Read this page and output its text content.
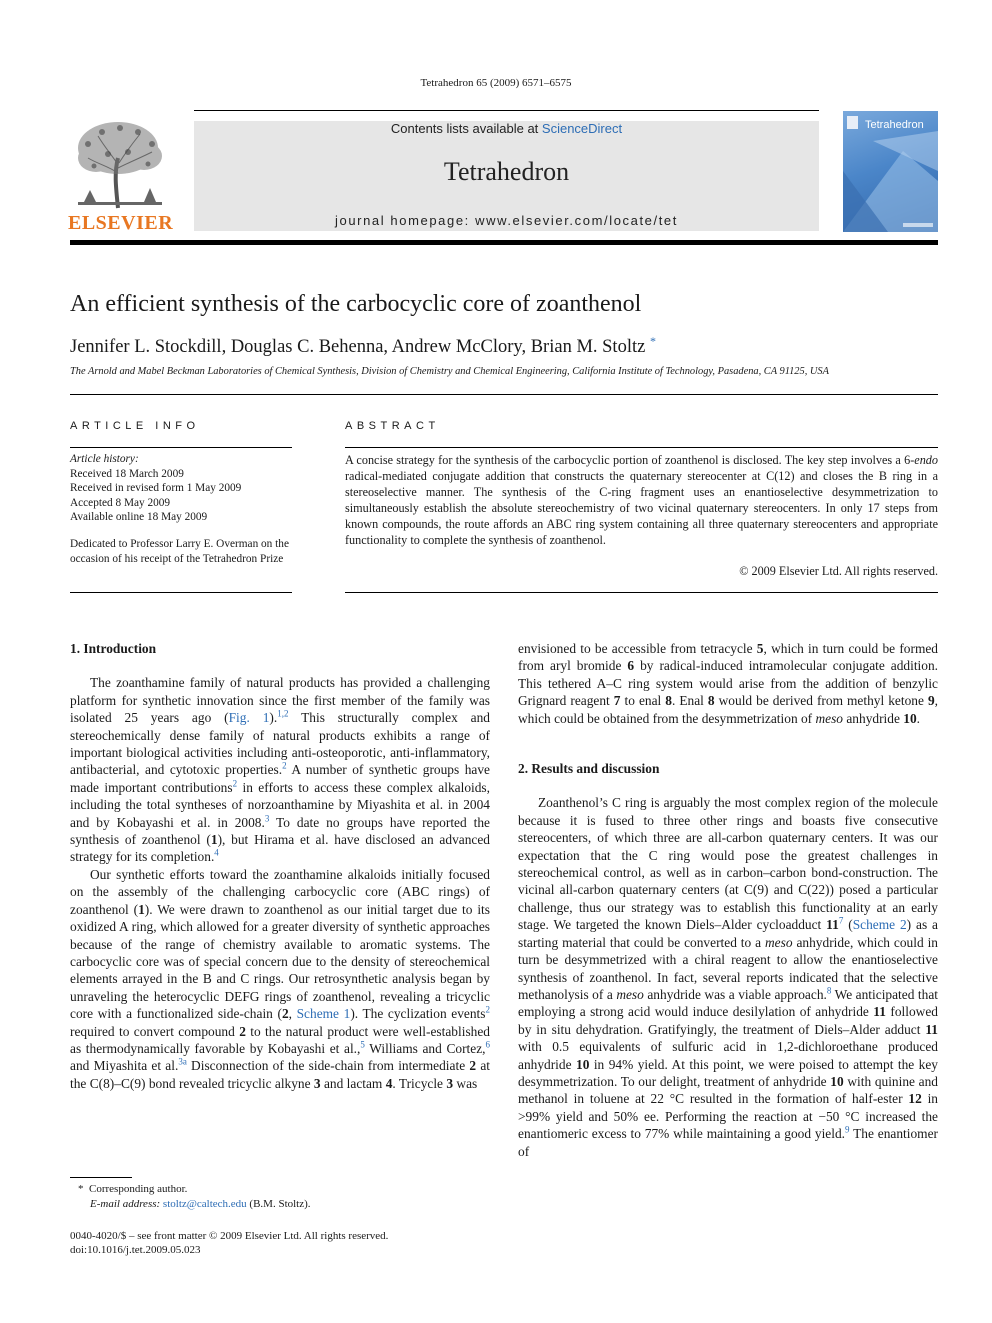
Tetrahedron 65 (2009) 6571–6575
ELSEVIER
Contents lists available at ScienceDirect
Tetrahedron
journal homepage: www.elsevier.com/locate/tet
Tetrahedron
An efficient synthesis of the carbocyclic core of zoanthenol
Jennifer L. Stockdill, Douglas C. Behenna, Andrew McClory, Brian M. Stoltz *
The Arnold and Mabel Beckman Laboratories of Chemical Synthesis, Division of Chemistry and Chemical Engineering, California Institute of Technology, Pasadena, CA 91125, USA
ARTICLE INFO
Article history:
Received 18 March 2009
Received in revised form 1 May 2009
Accepted 8 May 2009
Available online 18 May 2009
Dedicated to Professor Larry E. Overman on the occasion of his receipt of the Tetrahedron Prize
ABSTRACT
A concise strategy for the synthesis of the carbocyclic portion of zoanthenol is disclosed. The key step involves a 6-endo radical-mediated conjugate addition that constructs the quaternary stereocenter at C(12) and closes the B ring in a stereoselective manner. The synthesis of the C-ring fragment uses an enantioselective desymmetrization to simultaneously establish the absolute stereochemistry of two vicinal quaternary stereocenters. In only 17 steps from known compounds, the route affords an ABC ring system containing all three quaternary stereocenters and appropriate functionality to complete the synthesis of zoanthenol.
© 2009 Elsevier Ltd. All rights reserved.
1. Introduction

The zoanthamine family of natural products has provided a challenging platform for synthetic innovation since the first member of the family was isolated 25 years ago (Fig. 1).$^{1,2}$ This structurally complex and stereochemically dense family of natural products exhibits a range of important biological activities including anti-osteoporotic, anti-inflammatory, antibacterial, and cytotoxic properties.$^2$ A number of synthetic groups have made important contributions$^2$ in efforts to access these complex alkaloids, including the total syntheses of norzoanthamine by Miyashita et al. in 2004 and by Kobayashi et al. in 2008.$^3$ To date no groups have reported the synthesis of zoanthenol (1), but Hirama et al. have disclosed an advanced strategy for its completion.$^4$

Our synthetic efforts toward the zoanthamine alkaloids initially focused on the assembly of the challenging carbocyclic core (ABC rings) of zoanthenol (1). We were drawn to zoanthenol as our initial target due to its oxidized A ring, which allowed for a greater diversity of synthetic approaches because of the range of chemistry available to aromatic systems. The carbocyclic core was of special concern due to the density of stereochemical elements arrayed in the B and C rings. Our retrosynthetic analysis began by unraveling the heterocyclic DEFG rings of zoanthenol, revealing a tricyclic core with a functionalized side-chain (2, Scheme 1). The cyclization events$^2$ required to convert compound 2 to the natural product were well-established as thermodynamically favorable by Kobayashi et al.,$^5$ Williams and Cortez,$^6$ and Miyashita et al.$^{3a}$ Disconnection of the side-chain from intermediate 2 at the C(8)–C(9) bond revealed tricyclic alkyne 3 and lactam 4. Tricycle 3 was

envisioned to be accessible from tetracycle 5, which in turn could be formed from aryl bromide 6 by radical-induced intramolecular conjugate addition. This tethered A–C ring system would arise from the addition of benzylic Grignard reagent 7 to enal 8. Enal 8 would be derived from methyl ketone 9, which could be obtained from the desymmetrization of meso anhydride 10.

2. Results and discussion

Zoanthenol’s C ring is arguably the most complex region of the molecule because it is fused to three other rings and boasts five consecutive stereocenters, of which three are all-carbon quaternary centers. It was our expectation that the C ring would pose the greatest challenges in stereochemical control, as well as in carbon–carbon bond-construction. The vicinal all-carbon quaternary centers (at C(9) and C(22)) posed a particular challenge, thus our strategy was to establish this functionality at an early stage. We targeted the known Diels–Alder cycloadduct $11^7$ (Scheme 2) as a starting material that could be converted to a meso anhydride, which could in turn be desymmetrized with a chiral reagent to allow the enantioselective synthesis of zoanthenol. In fact, several reports indicated that the selective methanolysis of a meso anhydride was a viable approach.$^8$ We anticipated that employing a strong acid would induce desilylation of anhydride 11 followed by in situ dehydration. Gratifyingly, the treatment of Diels–Alder adduct 11 with 0.5 equivalents of sulfuric acid in 1,2-dichloroethane produced anhydride 10 in 94% yield. At this point, we were poised to attempt the key desymmetrization. To our delight, treatment of anhydride 10 with quinine and methanol in toluene at 22 °C resulted in the formation of half-ester 12 in >99% yield and 50% ee. Performing the reaction at −50 °C increased the enantiomeric excess to 77% while maintaining a good yield.$^9$ The enantiomer of

* Corresponding author.
E-mail address: stoltz@caltech.edu (B.M. Stoltz).
0040-4020/$ – see front matter © 2009 Elsevier Ltd. All rights reserved.
doi:10.1016/j.tet.2009.05.023
